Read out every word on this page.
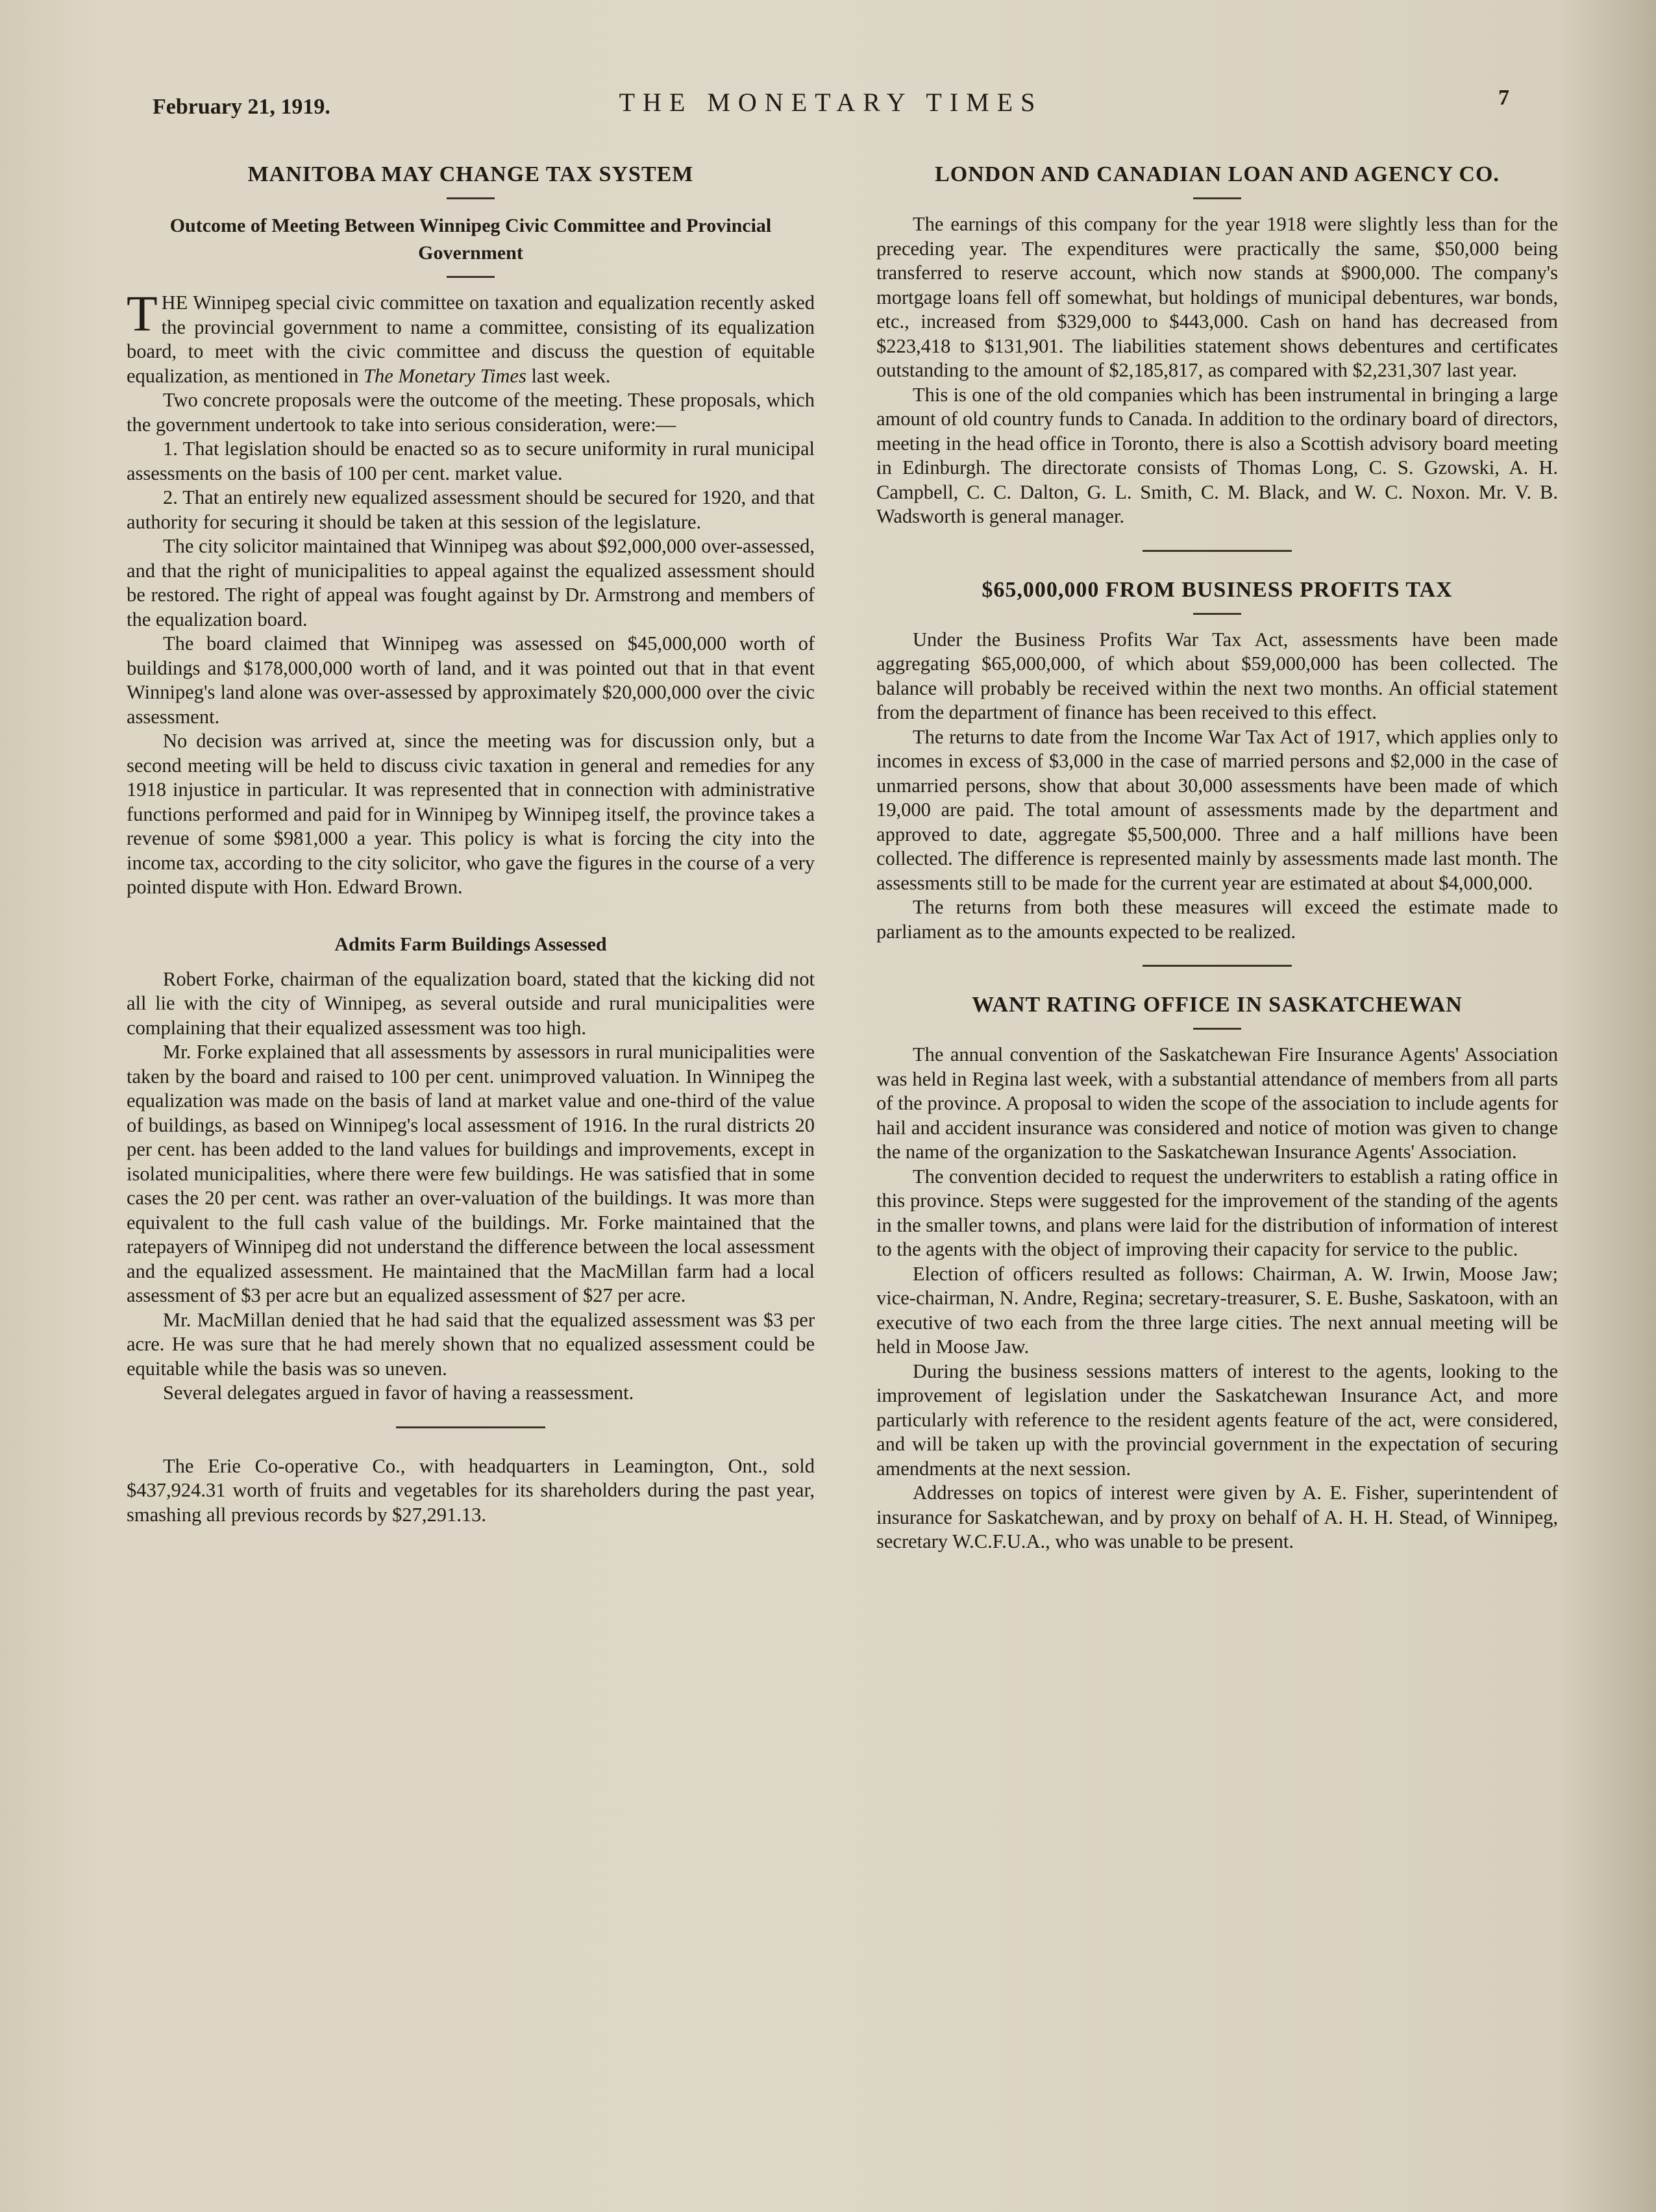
February 21, 1919.	THE MONETARY TIMES	7
MANITOBA MAY CHANGE TAX SYSTEM
Outcome of Meeting Between Winnipeg Civic Committee and Provincial Government

THE Winnipeg special civic committee on taxation and equalization recently asked the provincial government to name a committee, consisting of its equalization board, to meet with the civic committee and discuss the question of equitable equalization, as mentioned in The Monetary Times last week.

Two concrete proposals were the outcome of the meeting. These proposals, which the government undertook to take into serious consideration, were:—

1. That legislation should be enacted so as to secure uniformity in rural municipal assessments on the basis of 100 per cent. market value.

2. That an entirely new equalized assessment should be secured for 1920, and that authority for securing it should be taken at this session of the legislature.

The city solicitor maintained that Winnipeg was about $92,000,000 over-assessed, and that the right of municipalities to appeal against the equalized assessment should be restored. The right of appeal was fought against by Dr. Armstrong and members of the equalization board.

The board claimed that Winnipeg was assessed on $45,000,000 worth of buildings and $178,000,000 worth of land, and it was pointed out that in that event Winnipeg's land alone was over-assessed by approximately $20,000,000 over the civic assessment.

No decision was arrived at, since the meeting was for discussion only, but a second meeting will be held to discuss civic taxation in general and remedies for any 1918 injustice in particular. It was represented that in connection with administrative functions performed and paid for in Winnipeg by Winnipeg itself, the province takes a revenue of some $981,000 a year. This policy is what is forcing the city into the income tax, according to the city solicitor, who gave the figures in the course of a very pointed dispute with Hon. Edward Brown.

Admits Farm Buildings Assessed

Robert Forke, chairman of the equalization board, stated that the kicking did not all lie with the city of Winnipeg, as several outside and rural municipalities were complaining that their equalized assessment was too high.

Mr. Forke explained that all assessments by assessors in rural municipalities were taken by the board and raised to 100 per cent. unimproved valuation. In Winnipeg the equalization was made on the basis of land at market value and one-third of the value of buildings, as based on Winnipeg's local assessment of 1916. In the rural districts 20 per cent. has been added to the land values for buildings and improvements, except in isolated municipalities, where there were few buildings. He was satisfied that in some cases the 20 per cent. was rather an over-valuation of the buildings. It was more than equivalent to the full cash value of the buildings. Mr. Forke maintained that the ratepayers of Winnipeg did not understand the difference between the local assessment and the equalized assessment. He maintained that the MacMillan farm had a local assessment of $3 per acre but an equalized assessment of $27 per acre.

Mr. MacMillan denied that he had said that the equalized assessment was $3 per acre. He was sure that he had merely shown that no equalized assessment could be equitable while the basis was so uneven.

Several delegates argued in favor of having a reassessment.

The Erie Co-operative Co., with headquarters in Leamington, Ont., sold $437,924.31 worth of fruits and vegetables for its shareholders during the past year, smashing all previous records by $27,291.13.

LONDON AND CANADIAN LOAN AND AGENCY CO.

The earnings of this company for the year 1918 were slightly less than for the preceding year. The expenditures were practically the same, $50,000 being transferred to reserve account, which now stands at $900,000. The company's mortgage loans fell off somewhat, but holdings of municipal debentures, war bonds, etc., increased from $329,000 to $443,000. Cash on hand has decreased from $223,418 to $131,901. The liabilities statement shows debentures and certificates outstanding to the amount of $2,185,817, as compared with $2,231,307 last year.

This is one of the old companies which has been instrumental in bringing a large amount of old country funds to Canada. In addition to the ordinary board of directors, meeting in the head office in Toronto, there is also a Scottish advisory board meeting in Edinburgh. The directorate consists of Thomas Long, C. S. Gzowski, A. H. Campbell, C. C. Dalton, G. L. Smith, C. M. Black, and W. C. Noxon. Mr. V. B. Wadsworth is general manager.

$65,000,000 FROM BUSINESS PROFITS TAX

Under the Business Profits War Tax Act, assessments have been made aggregating $65,000,000, of which about $59,000,000 has been collected. The balance will probably be received within the next two months. An official statement from the department of finance has been received to this effect.

The returns to date from the Income War Tax Act of 1917, which applies only to incomes in excess of $3,000 in the case of married persons and $2,000 in the case of unmarried persons, show that about 30,000 assessments have been made of which 19,000 are paid. The total amount of assessments made by the department and approved to date, aggregate $5,500,000. Three and a half millions have been collected. The difference is represented mainly by assessments made last month. The assessments still to be made for the current year are estimated at about $4,000,000.

The returns from both these measures will exceed the estimate made to parliament as to the amounts expected to be realized.

WANT RATING OFFICE IN SASKATCHEWAN

The annual convention of the Saskatchewan Fire Insurance Agents' Association was held in Regina last week, with a substantial attendance of members from all parts of the province. A proposal to widen the scope of the association to include agents for hail and accident insurance was considered and notice of motion was given to change the name of the organization to the Saskatchewan Insurance Agents' Association.

The convention decided to request the underwriters to establish a rating office in this province. Steps were suggested for the improvement of the standing of the agents in the smaller towns, and plans were laid for the distribution of information of interest to the agents with the object of improving their capacity for service to the public.

Election of officers resulted as follows: Chairman, A. W. Irwin, Moose Jaw; vice-chairman, N. Andre, Regina; secretary-treasurer, S. E. Bushe, Saskatoon, with an executive of two each from the three large cities. The next annual meeting will be held in Moose Jaw.

During the business sessions matters of interest to the agents, looking to the improvement of legislation under the Saskatchewan Insurance Act, and more particularly with reference to the resident agents feature of the act, were considered, and will be taken up with the provincial government in the expectation of securing amendments at the next session.

Addresses on topics of interest were given by A. E. Fisher, superintendent of insurance for Saskatchewan, and by proxy on behalf of A. H. H. Stead, of Winnipeg, secretary W.C.F.U.A., who was unable to be present.
